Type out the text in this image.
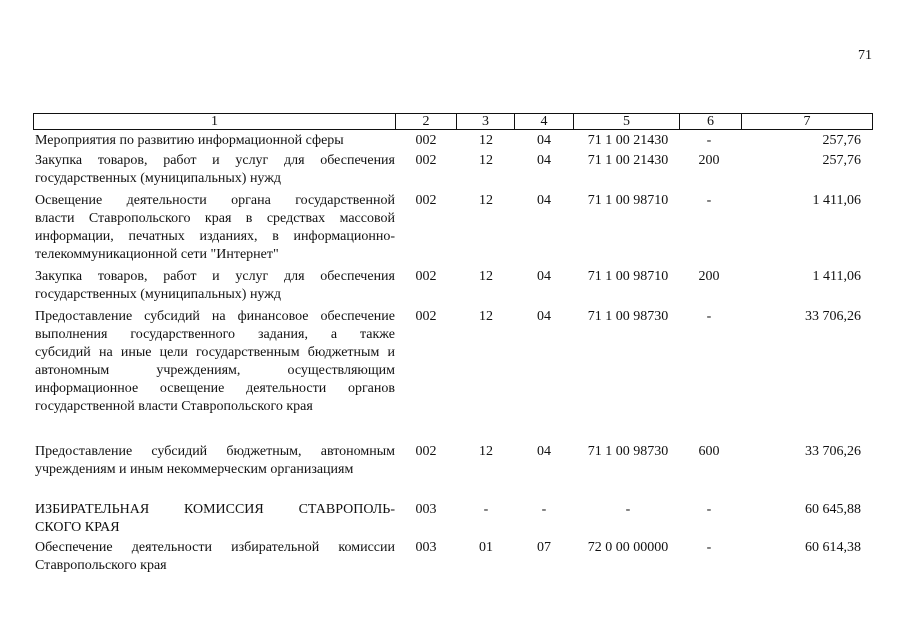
71
1	2	3	4	5	6	7
Мероприятия по развитию информационной сферы	002	12	04	71 1 00 21430	-	257,76
Закупка товаров, работ и услуг для обеспечения
государственных (муниципальных) нужд
002	12	04	71 1 00 21430	200	257,76
Освещение деятельности органа государственной
власти Ставропольского края в средствах массовой
информации, печатных изданиях, в информационно-
телекоммуникационной сети "Интернет"
002	12	04	71 1 00 98710	-	1 411,06
Закупка товаров, работ и услуг для обеспечения
государственных (муниципальных) нужд
002	12	04	71 1 00 98710	200	1 411,06
Предоставление субсидий на финансовое обеспечение
выполнения государственного задания, а также
субсидий на иные цели государственным бюджетным и
автономным учреждениям, осуществляющим
информационное освещение деятельности органов
государственной власти Ставропольского края
002	12	04	71 1 00 98730	-	33 706,26
Предоставление субсидий бюджетным, автономным
учреждениям и иным некоммерческим организациям
002	12	04	71 1 00 98730	600	33 706,26
ИЗБИРАТЕЛЬНАЯ КОМИССИЯ СТАВРОПОЛЬ-
СКОГО КРАЯ
003	-	-	-	-	60 645,88
Обеспечение деятельности избирательной комиссии
Ставропольского края
003	01	07	72 0 00 00000	-	60 614,38
